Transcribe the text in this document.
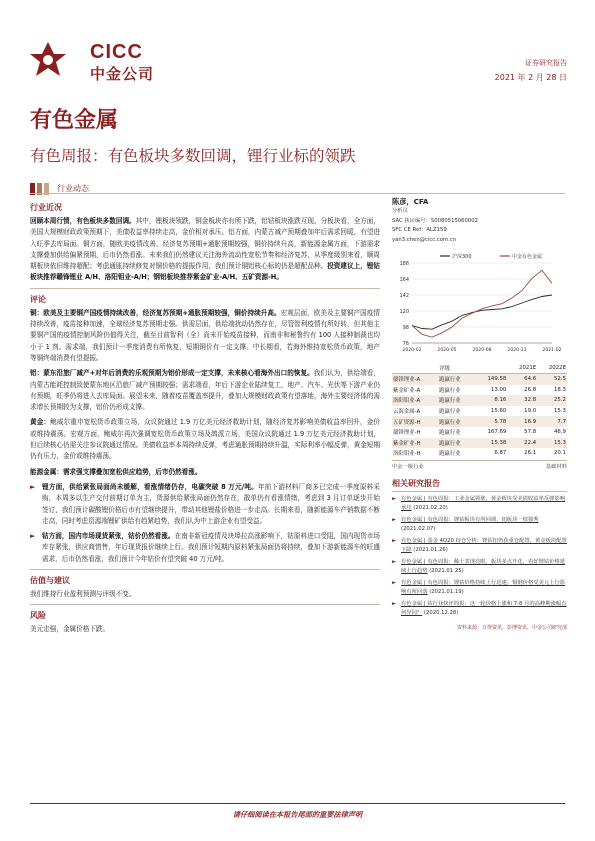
CICC
中金公司
证券研究报告
2021 年 2 月 28 日
有色金属
有色周报：有色板块多数回调，锂行业标的领跌
行业动态
行业近况

回顾本周行情，有色板块多数回调。其中，锂板块领跌，铜金板块亦有所下跌，铝钴板块涨跌互现。分板块看，全方面，美国大规模财政政策预期下，美债收益率持续走高，金价相对承压。铝方面，内蒙古减产预期叠加年后需求回暖，有望进入旺季去库局面。铜方面，随欧美疫情改善、经济复苏预期+通胀预期较强，铜价持续升高，新能源金属方面，下游需求支撑叠加供给偏紧预期，后市仍然看涨。未来我们仍然建议关注海外流动性宽松节奏和经济复苏，从季度级别来看，顺周期板块依旧维持超配；考虑通胀持续修复对铜价格的提振作用，我们预计铜铝核心标的仍是超配品种。投资建议上，锂钴板块推荐赣锋锂业 A/H、洛阳钼业-A/H；钢铝板块推荐紫金矿业-A/H、五矿资源-H。

评论

铜：欧美及主要铜产国疫情持续改善，经济复苏预期+通胀预期较强，铜价持续升高。宏观层面，欧美及主要铜产国疫情持续改善，疫苗接种加速，全球经济复苏预期走强。供需层面，供给端扰动仍然存在，尽管智利疫情有所好转，但其他主要铜产国的疫情控制风险仍值得关注，截至目前智利（全）尚未开始疫苗接种，而南非和秘鲁约有 100 人接种制裁也均小于 1 剂。需求端，我们预计一季度消费有所恢复，短期铜价有一定支撑。中长期看，若海外维持宽松货币政策，地产等铜终端消费有望提振。

铝：蒙东沿旅厂减产+对年后消费的乐观预期为铝价形成一定支撑，未来核心看海外出口的恢复。我们认为，供给端看，内蒙古能耗控制致使蒙东地区沿旅厂减产预期较强；需求端看，年后下游企业陆续复工，地产、汽车、光伏等下游产业仍有预期，旺季仍将进入去库局面。展望未来，随着疫苗覆盖率提升，叠加大规模财政政策有望落地，海外主要经济体的需求增长预期较为支撑，铝价仍形成支撑。

黄金：鲍威尔重申宽松货币政策立场，众议院通过 1.9 万亿美元经济救助计划，随经济复苏影响美债收益率回升，金价或维持震荡。宏观方面，鲍威尔再次强调宽松货币政策立场及鸽派立场，美国众议院通过 1.9 万亿美元经济救助计划，但后续核心仍需关注参议院通过情况。美债收益率本周持续反弹，考虑通胀预期持续升温，实际利率小幅反弹，黄金短期仍有压力，金价或维持震荡。

能源金属：需求强支撑叠加宽松供应趋势，后市仍然看涨。

►	锂方面，供给紧张局面尚未缓解，看涨情绪仍存，电碳突破 8 万元/吨。年前下游材料厂商多已完成一季度原料采购，本周多以生产交付前期订单为主，货源供给紧张局面仍然存在，散单仍有看涨情绪，考虑到 3 月订单逐步开始签订，我们预计碳酸锂价格后市有望继续提升，带动其他锂盐价格进一步走高。长期来看，随新能源车产销数据不断走高，同时考虑资源端锂矿供给有趋紧趋势，我们认为中上游企业有望受益。

►	钴方面，国内市场现货紧张，钴价仍然看涨。在南非新冠疫情及块埠拉高涨影响下，钴原料进口受阻，国内现货市场库存紧张，供应商惜售，年后现货报价继续上行。我们预计短期内原料紧张局面仍将持续，叠加下游新能源车的旺盛需求，后市仍然看涨，我们预计今年钴价有望突破 40 万元/吨。

估值与建议

我们维持行业盈利预测与评级不变。

风险

美元走强，金属价格下跌。

陈彦，CFA
分析员
SAC 执证编号：S0080515060002
SFC CE Ref：ALZ159
yan3.chen@cicc.com.cn
76
98
120
142
164
186
2020-02	2020-05	2020-08	2020-11	2021-02
沪深300	中金有色金属
	评级		2021E	2022E
赣锋锂业-A	跑赢行业	149.58	64.6	52.5
紫金矿业-A	跑赢行业	13.00	26.8	18.3
洛阳钼业-A	跑赢行业	8.16	32.8	25.2
云海金属-A	跑赢行业	15.60	19.0	15.3
五矿资源-H	跑赢行业	5.78	16.9	7.7
赣锋锂业-H	跑赢行业	167.69	57.8	46.9
紫金矿业-H	跑赢行业	15.38	22.4	15.3
洛阳钼业-H	跑赢行业	6.87	26.1	20.1
中金一级行业	基础材料
相关研究报告
► 有色金属 | 有色周报：工业金属领涨，黄金板块受美债收益率反弹影响承压 (2021.02.20)
► 有色金属 | 有色周报：锂钴板块有所回调，铝板块一枝独秀 (2021.02.07)
► 有色金属 | 基金 4Q20 持仓分析：锂钴铝仍获重仓配置，黄金板块配置下降 (2021.01.26)
► 有色金属 | 有色周报：稀土表现亮眼，板块多点开花，看好锂钴价格延续上行趋势 (2021.01.25)
► 有色金属 | 有色周报：锂钴价格持续上行迅速，铜钢价格受美元上行影响有所回落 (2021.01.19)
► 有色金属 | 钴行业快评简报：这一轮价格上涨和 7-8 月的高峰期涨幅有何异同？ (2020.12.28)
资料来源：万得资讯，彭博资讯，中金公司研究部
请仔细阅读在本报告尾部的重要法律声明
